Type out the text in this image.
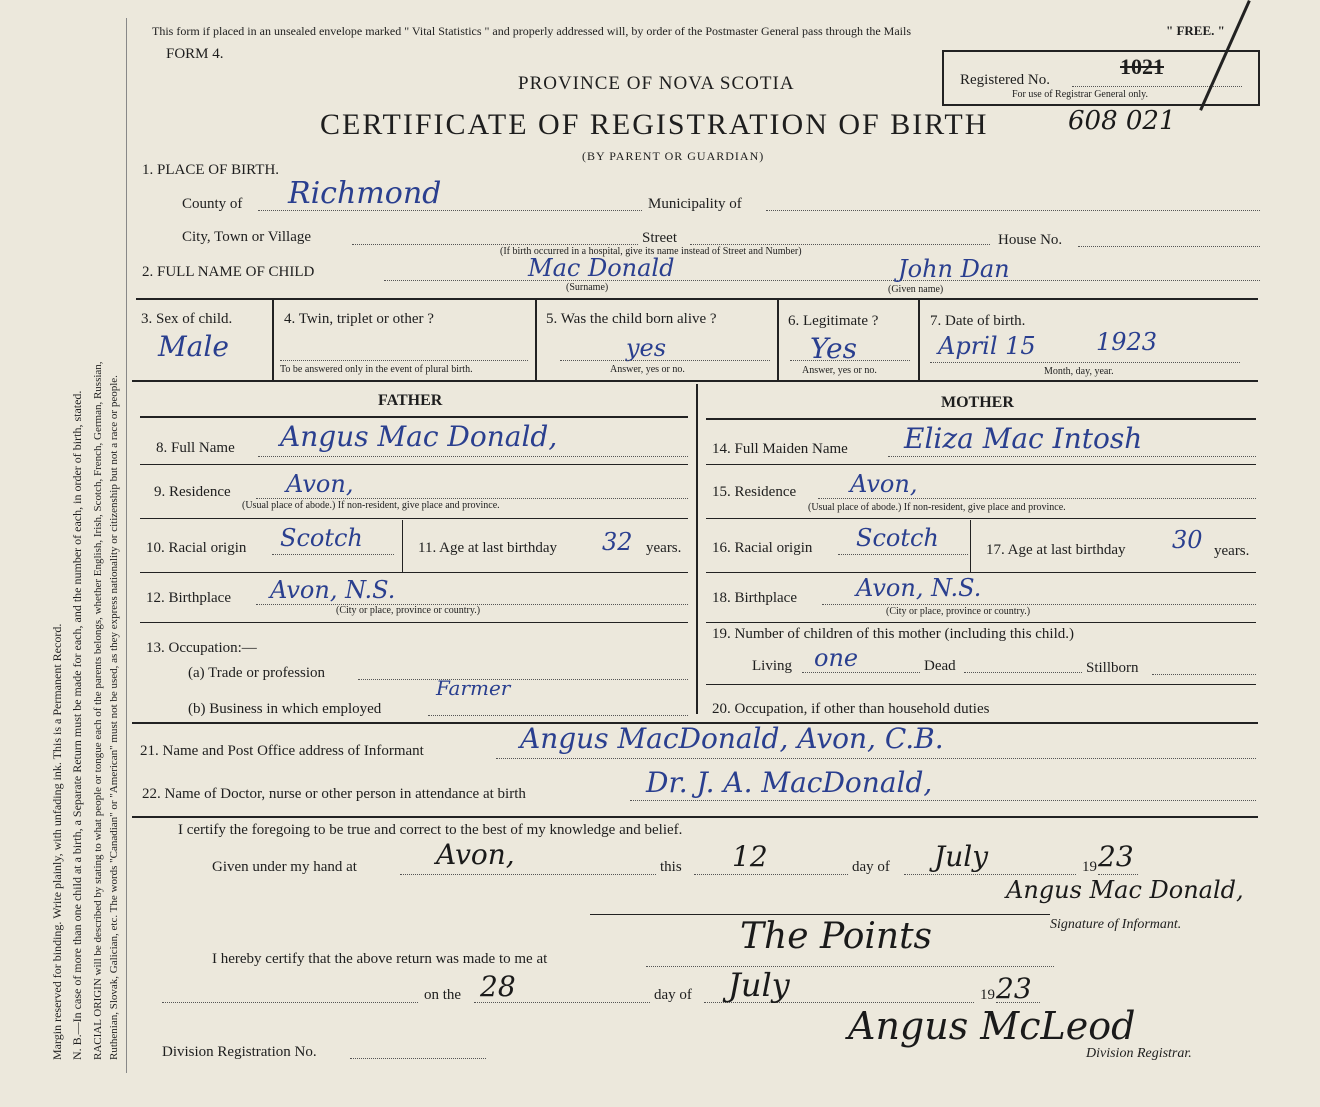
Margin reserved for binding. Write plainly, with unfading ink. This is a Permanent Record. N. B.—In case of more than one child at a birth, a Separate Return must be made for each, and the number of each, in order of birth, stated. RACIAL ORIGIN will be described by stating to what people or tongue each of the parents belongs, whether English, Irish, Scotch, French, German, Russian, Ruthenian, Slovak, Galician, etc. The words "Canadian" or "American" must not be used, as they express nationality or citizenship but not a race or people.
This form if placed in an unsealed envelope marked " Vital Statistics " and properly addressed will, by order of the Postmaster General pass through the Mails	" FREE. "
FORM 4.
PROVINCE OF NOVA SCOTIA
CERTIFICATE OF REGISTRATION OF BIRTH
(BY PARENT OR GUARDIAN)
608 021
Registered No.
1021
For use of Registrar General only.
1. PLACE OF BIRTH.
County of Richmond	Municipality of
City, Town or Village	Street	House No.
(If birth occurred in a hospital, give its name instead of Street and Number)
2. FULL NAME OF CHILD	Mac Donald	John Dan
(Surname)	(Given name)
3. Sex of child.
Male
4. Twin, triplet or other ?
To be answered only in the event of plural birth.
5. Was the child born alive ?
yes
Answer, yes or no.
6. Legitimate ?
Yes
Answer, yes or no.
7. Date of birth.
April 15	1923
Month, day, year.
FATHER	MOTHER
8. Full Name Angus Mac Donald,
9. Residence Avon,
(Usual place of abode.) If non-resident, give place and province.
10. Racial origin Scotch	11. Age at last birthday 32 years.
12. Birthplace Avon, N.S.
(City or place, province or country.)
13. Occupation:—
(a) Trade or profession
(b) Business in which employed
Farmer
14. Full Maiden Name Eliza Mac Intosh
15. Residence Avon,
(Usual place of abode.) If non-resident, give place and province.
16. Racial origin Scotch	17. Age at last birthday 30 years.
18. Birthplace Avon, N.S.
(City or place, province or country.)
19. Number of children of this mother (including this child.)
Living one	Dead	Stillborn
20. Occupation, if other than household duties
21. Name and Post Office address of Informant	Angus MacDonald, Avon, C.B.
22. Name of Doctor, nurse or other person in attendance at birth	Dr. J. A. MacDonald,
I certify the foregoing to be true and correct to the best of my knowledge and belief.
Given under my hand at	Avon,	this 12	day of July	19 23
Angus Mac Donald,
Signature of Informant.
I hereby certify that the above return was made to me at
The Points
on the 28	day of July	19 23
Angus McLeod
Division Registrar.
Division Registration No.
